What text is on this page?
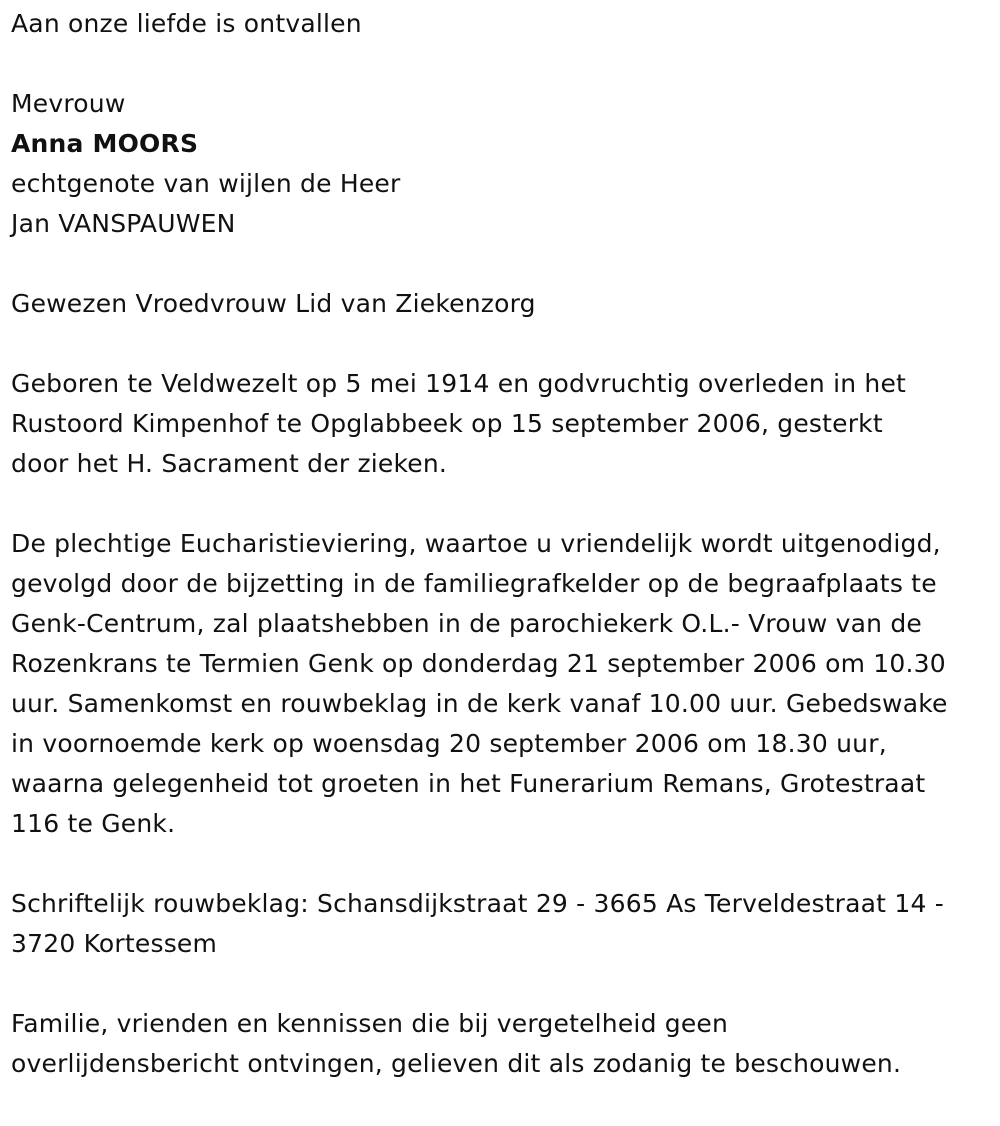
Aan onze liefde is ontvallen
Mevrouw
Anna MOORS
echtgenote van wijlen de Heer
Jan VANSPAUWEN
Gewezen Vroedvrouw Lid van Ziekenzorg
Geboren te Veldwezelt op 5 mei 1914 en godvruchtig overleden in het
Rustoord Kimpenhof te Opglabbeek op 15 september 2006, gesterkt
door het H. Sacrament der zieken.
De plechtige Eucharistieviering, waartoe u vriendelijk wordt uitgenodigd,
gevolgd door de bijzetting in de familiegrafkelder op de begraafplaats te
Genk-Centrum, zal plaatshebben in de parochiekerk O.L.- Vrouw van de
Rozenkrans te Termien Genk op donderdag 21 september 2006 om 10.30
uur. Samenkomst en rouwbeklag in de kerk vanaf 10.00 uur. Gebedswake
in voornoemde kerk op woensdag 20 september 2006 om 18.30 uur,
waarna gelegenheid tot groeten in het Funerarium Remans, Grotestraat
116 te Genk.
Schriftelijk rouwbeklag: Schansdijkstraat 29 - 3665 As Terveldestraat 14 -
3720 Kortessem
Familie, vrienden en kennissen die bij vergetelheid geen
overlijdensbericht ontvingen, gelieven dit als zodanig te beschouwen.
